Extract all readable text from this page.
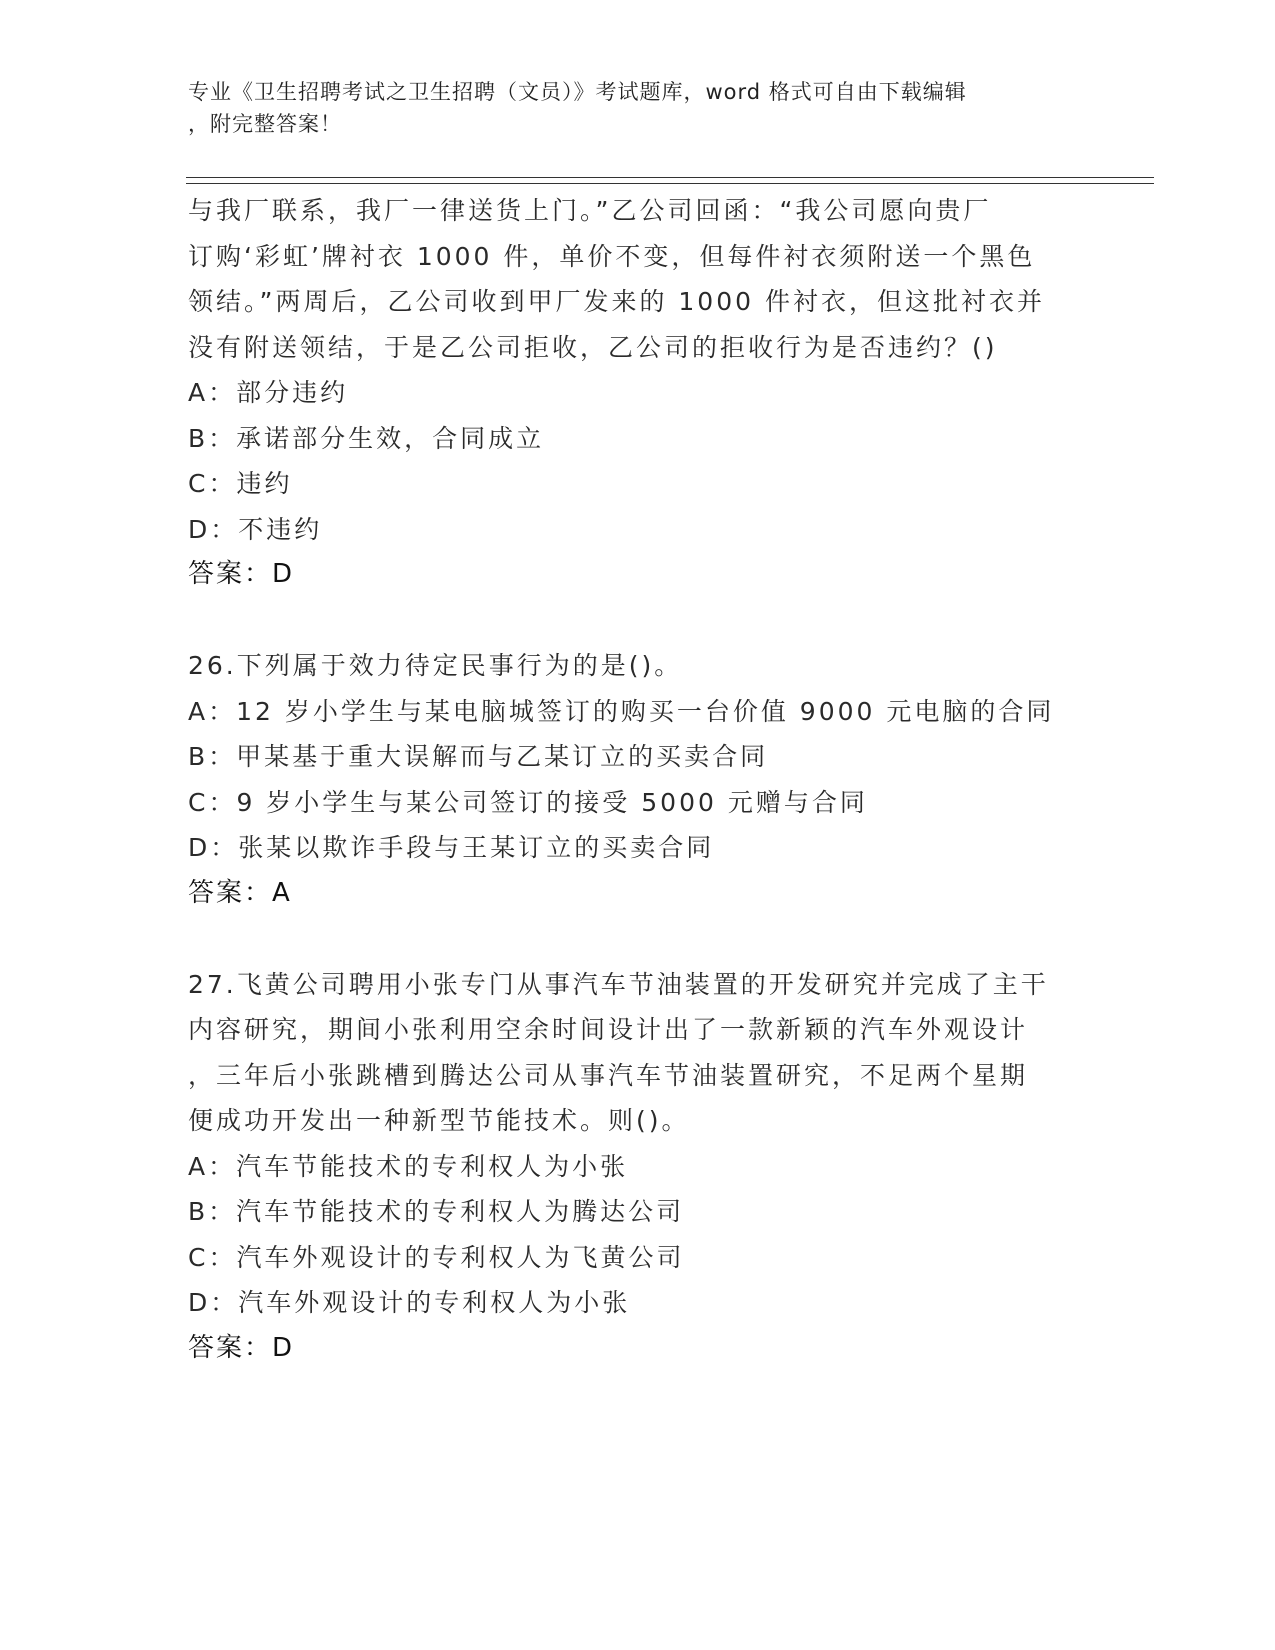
专业《卫生招聘考试之卫生招聘（文员）》考试题库，word 格式可自由下载编辑
，附完整答案！
与我厂联系，我厂一律送货上门。”乙公司回函：“我公司愿向贵厂
订购‘彩虹’牌衬衣 1000 件，单价不变，但每件衬衣须附送一个黑色
领结。”两周后，乙公司收到甲厂发来的 1000 件衬衣，但这批衬衣并
没有附送领结，于是乙公司拒收，乙公司的拒收行为是否违约？()
A：部分违约
B：承诺部分生效，合同成立
C：违约
D：不违约
答案：D
26.下列属于效力待定民事行为的是()。
A：12 岁小学生与某电脑城签订的购买一台价值 9000 元电脑的合同
B：甲某基于重大误解而与乙某订立的买卖合同
C：9 岁小学生与某公司签订的接受 5000 元赠与合同
D：张某以欺诈手段与王某订立的买卖合同
答案：A
27.飞黄公司聘用小张专门从事汽车节油装置的开发研究并完成了主干
内容研究，期间小张利用空余时间设计出了一款新颖的汽车外观设计
，三年后小张跳槽到腾达公司从事汽车节油装置研究，不足两个星期
便成功开发出一种新型节能技术。则()。
A：汽车节能技术的专利权人为小张
B：汽车节能技术的专利权人为腾达公司
C：汽车外观设计的专利权人为飞黄公司
D：汽车外观设计的专利权人为小张
答案：D
